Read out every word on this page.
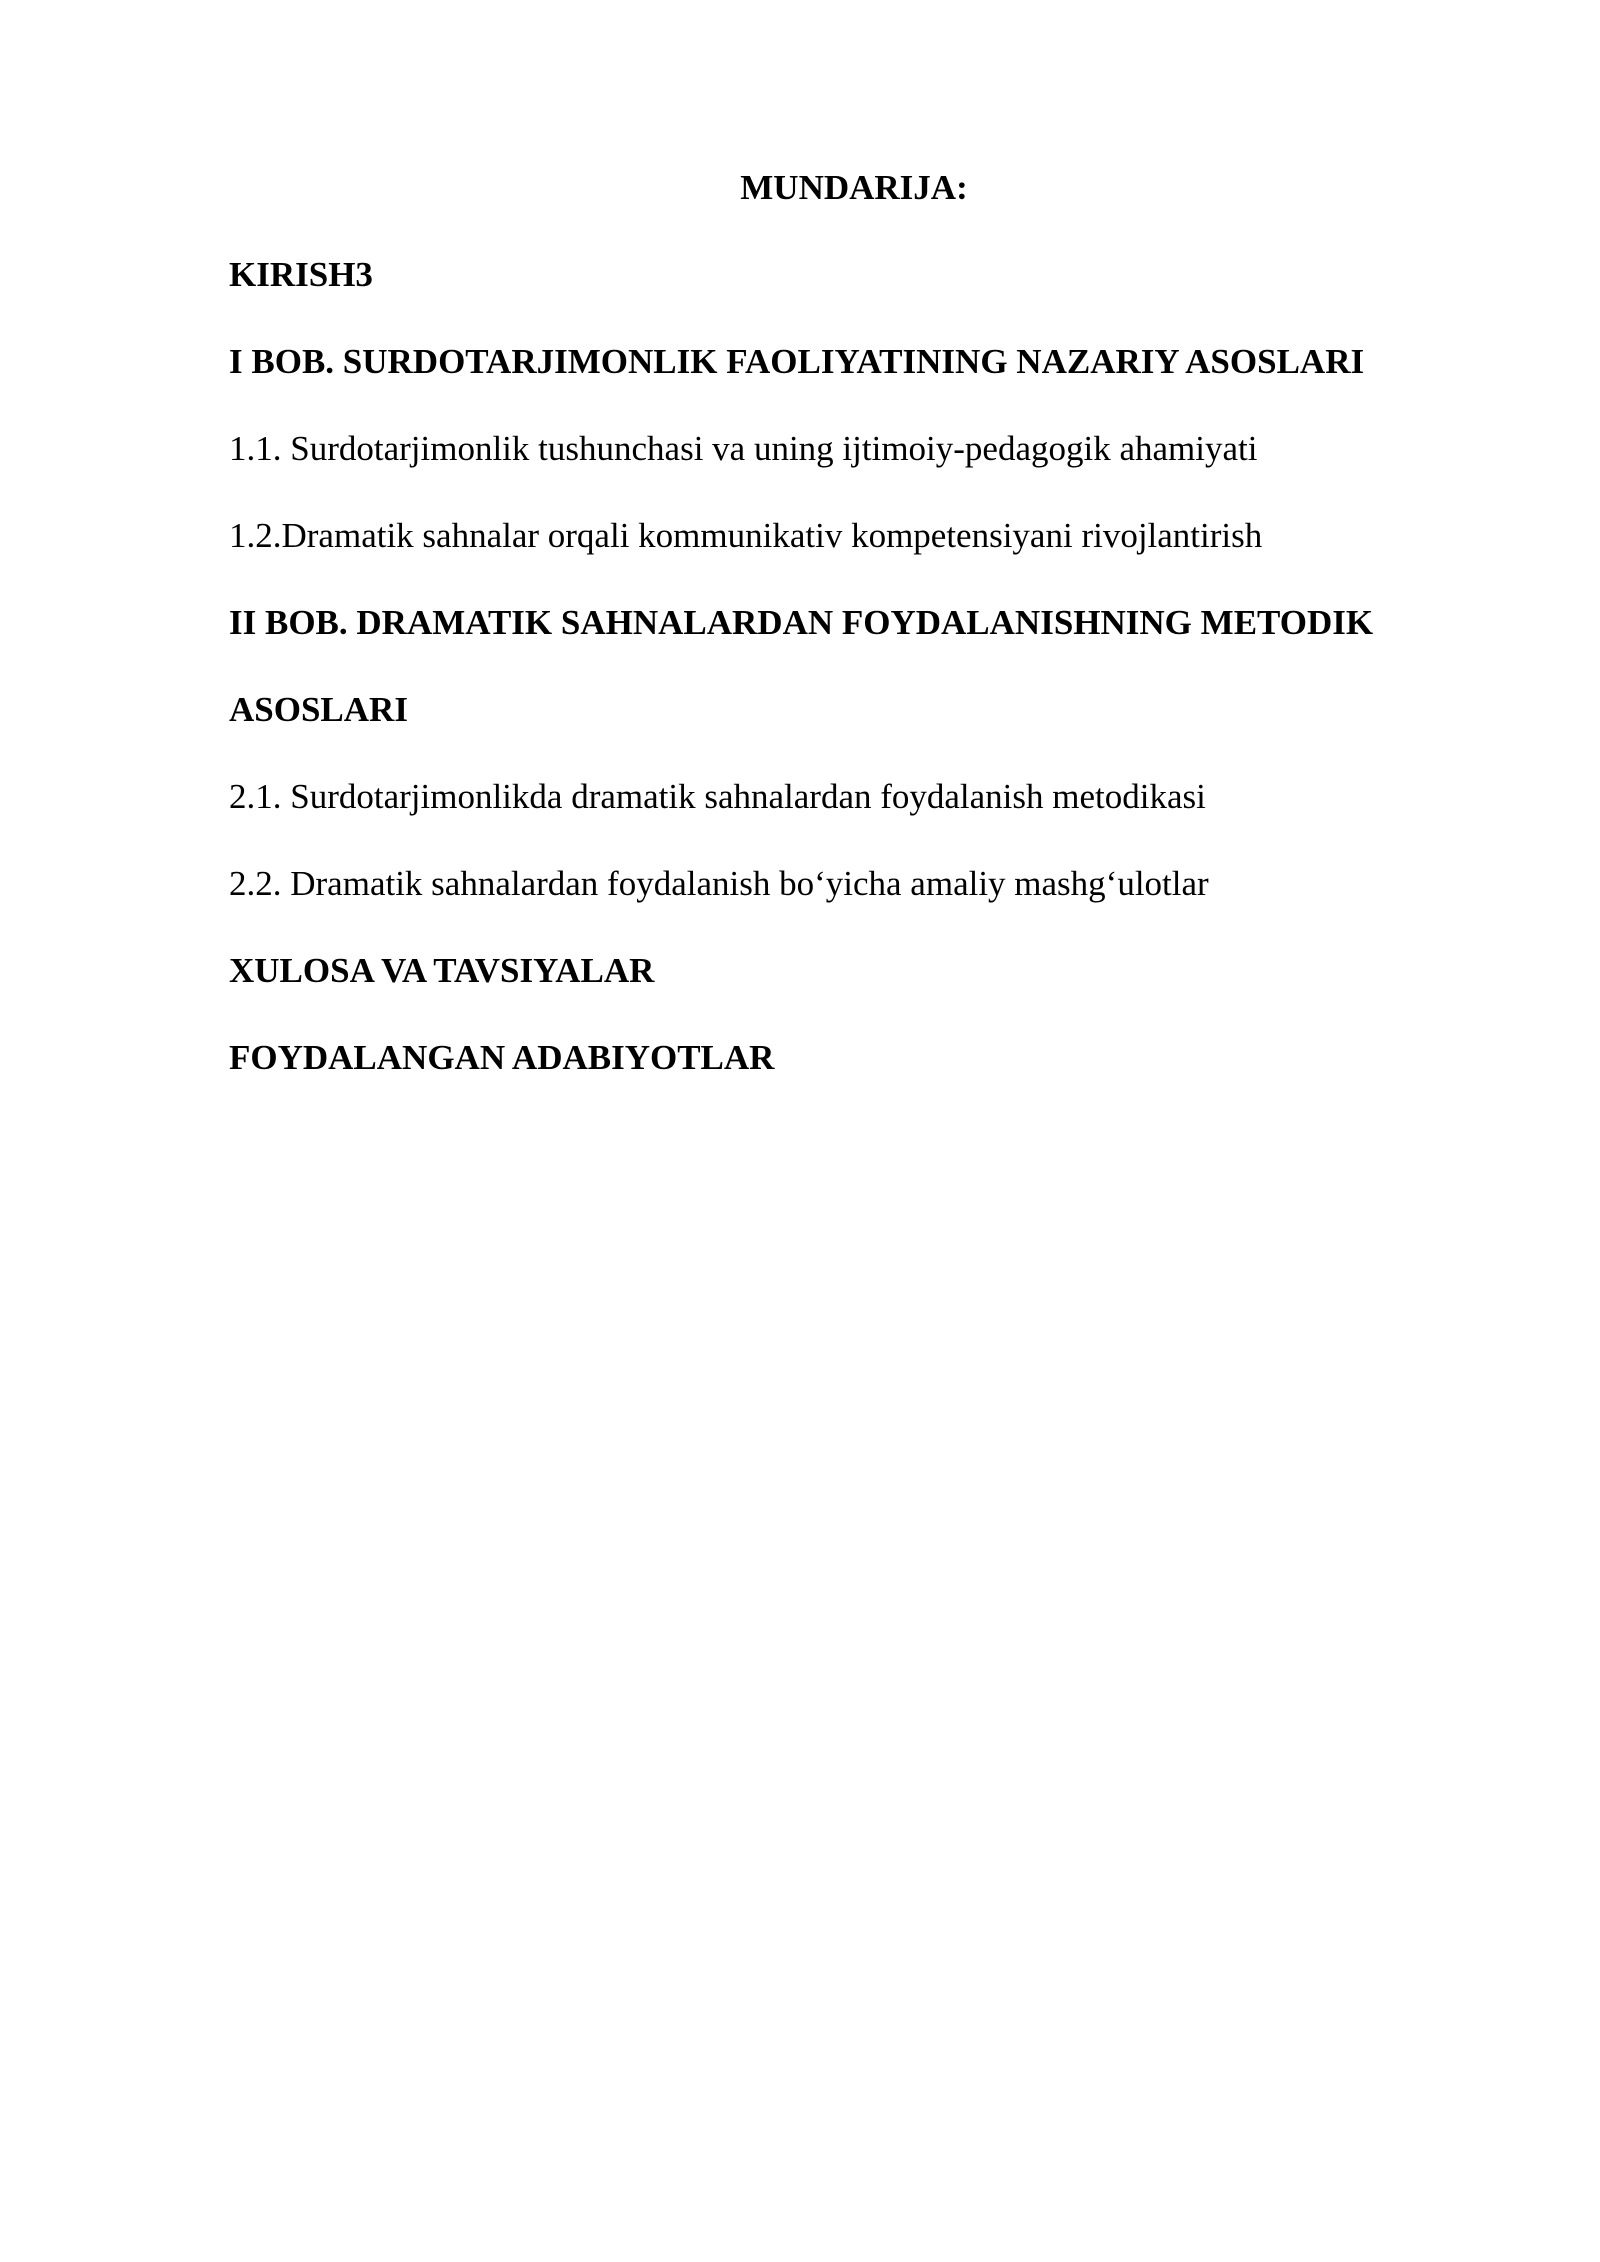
MUNDARIJA:
KIRISH3
I BOB. SURDOTARJIMONLIK FAOLIYATINING NAZARIY ASOSLARI
1.1. Surdotarjimonlik tushunchasi va uning ijtimoiy-pedagogik ahamiyati
1.2.Dramatik sahnalar orqali kommunikativ kompetensiyani rivojlantirish
II BOB. DRAMATIK SAHNALARDAN FOYDALANISHNING METODIK
ASOSLARI
2.1. Surdotarjimonlikda dramatik sahnalardan foydalanish metodikasi
2.2. Dramatik sahnalardan foydalanish bo‘yicha amaliy mashg‘ulotlar
XULOSA VA TAVSIYALAR
FOYDALANGAN ADABIYOTLAR
